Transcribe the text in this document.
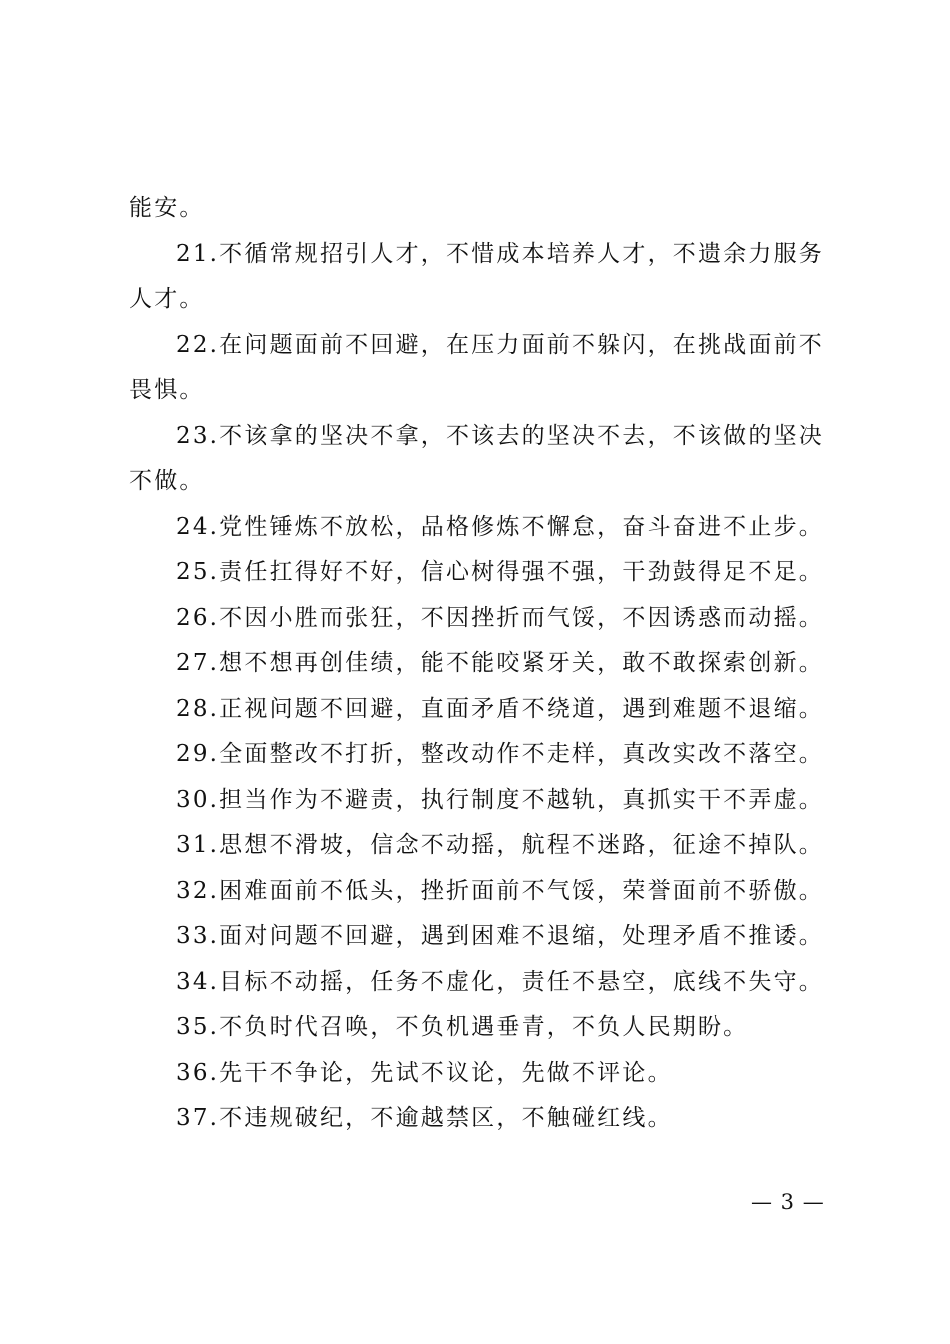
能安。
21.不循常规招引人才，不惜成本培养人才，不遗余力服务
人才。
22.在问题面前不回避，在压力面前不躲闪，在挑战面前不
畏惧。
23.不该拿的坚决不拿，不该去的坚决不去，不该做的坚决
不做。
24.党性锤炼不放松，品格修炼不懈怠，奋斗奋进不止步。
25.责任扛得好不好，信心树得强不强，干劲鼓得足不足。
26.不因小胜而张狂，不因挫折而气馁，不因诱惑而动摇。
27.想不想再创佳绩，能不能咬紧牙关，敢不敢探索创新。
28.正视问题不回避，直面矛盾不绕道，遇到难题不退缩。
29.全面整改不打折，整改动作不走样，真改实改不落空。
30.担当作为不避责，执行制度不越轨，真抓实干不弄虚。
31.思想不滑坡，信念不动摇，航程不迷路，征途不掉队。
32.困难面前不低头，挫折面前不气馁，荣誉面前不骄傲。
33.面对问题不回避，遇到困难不退缩，处理矛盾不推诿。
34.目标不动摇，任务不虚化，责任不悬空，底线不失守。
35.不负时代召唤，不负机遇垂青，不负人民期盼。
36.先干不争论，先试不议论，先做不评论。
37.不违规破纪，不逾越禁区，不触碰红线。
— 3 —
